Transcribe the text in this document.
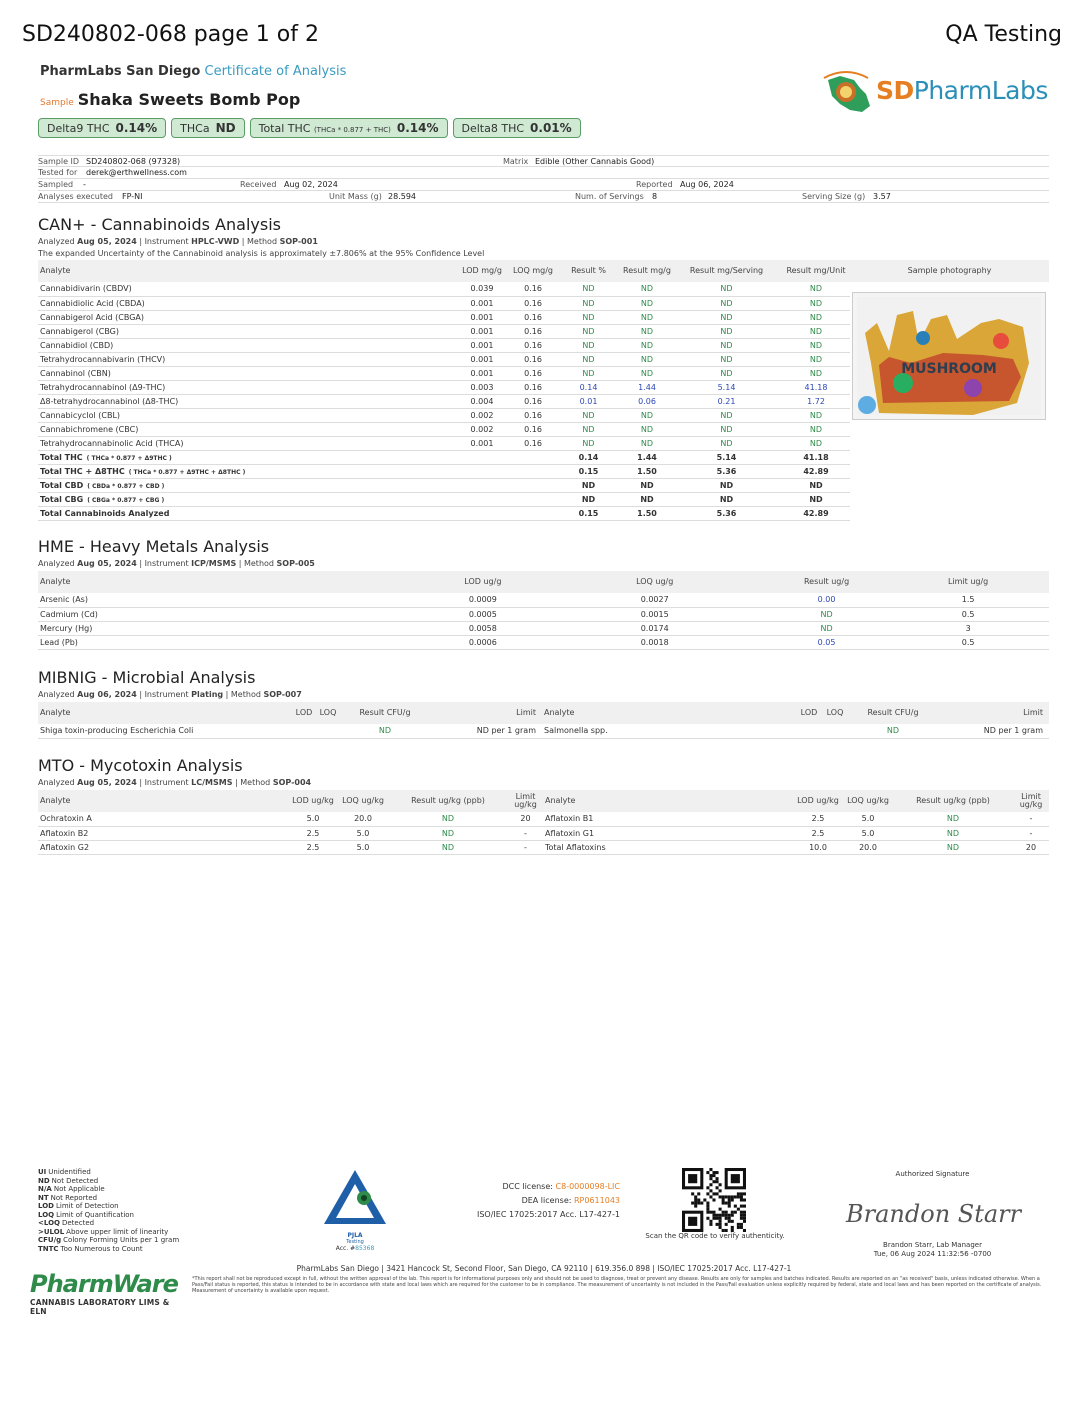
SD240802-068 page 1 of 2	QA Testing
PharmLabs San Diego Certificate of Analysis
Sample Shaka Sweets Bomb Pop
Delta9 THC 0.14%	THCa ND	Total THC (THCa * 0.877 + THC) 0.14%	Delta8 THC 0.01%
SDPharmLabs
Sample ID SD240802-068 (97328)	Matrix Edible (Other Cannabis Good)
Tested for derek@erthwellness.com
Sampled -	Received Aug 02, 2024	Reported Aug 06, 2024
Analyses executed FP-NI	Unit Mass (g) 28.594	Num. of Servings 8	Serving Size (g) 3.57
CAN+ - Cannabinoids Analysis
Analyzed Aug 05, 2024 | Instrument HPLC-VWD | Method SOP-001
The expanded Uncertainty of the Cannabinoid analysis is approximately ±7.806% at the 95% Confidence Level
Analyte	LOD mg/g	LOQ mg/g	Result %	Result mg/g	Result mg/Serving	Result mg/Unit	Sample photography
Cannabidivarin (CBDV)	0.039	0.16	ND	ND	ND	ND	
Cannabidiolic Acid (CBDA)	0.001	0.16	ND	ND	ND	ND	
Cannabigerol Acid (CBGA)	0.001	0.16	ND	ND	ND	ND	
Cannabigerol (CBG)	0.001	0.16	ND	ND	ND	ND	
Cannabidiol (CBD)	0.001	0.16	ND	ND	ND	ND	
Tetrahydrocannabivarin (THCV)	0.001	0.16	ND	ND	ND	ND	
Cannabinol (CBN)	0.001	0.16	ND	ND	ND	ND	
Tetrahydrocannabinol (Δ9-THC)	0.003	0.16	0.14	1.44	5.14	41.18	
Δ8-tetrahydrocannabinol (Δ8-THC)	0.004	0.16	0.01	0.06	0.21	1.72	
Cannabicyclol (CBL)	0.002	0.16	ND	ND	ND	ND	
Cannabichromene (CBC)	0.002	0.16	ND	ND	ND	ND	
Tetrahydrocannabinolic Acid (THCA)	0.001	0.16	ND	ND	ND	ND	
Total THC ( THCa * 0.877 + Δ9THC )			0.14	1.44	5.14	41.18	
Total THC + Δ8THC ( THCa * 0.877 + Δ9THC + Δ8THC )			0.15	1.50	5.36	42.89	
Total CBD ( CBDa * 0.877 + CBD )			ND	ND	ND	ND	
Total CBG ( CBGa * 0.877 + CBG )			ND	ND	ND	ND	
Total Cannabinoids Analyzed			0.15	1.50	5.36	42.89	
MUSHROOM
HME - Heavy Metals Analysis
Analyzed Aug 05, 2024 | Instrument ICP/MSMS | Method SOP-005
Analyte	LOD ug/g	LOQ ug/g	Result ug/g	Limit ug/g
Arsenic (As)	0.0009	0.0027	0.00	1.5
Cadmium (Cd)	0.0005	0.0015	ND	0.5
Mercury (Hg)	0.0058	0.0174	ND	3
Lead (Pb)	0.0006	0.0018	0.05	0.5
MIBNIG - Microbial Analysis
Analyzed Aug 06, 2024 | Instrument Plating | Method SOP-007
Analyte	LOD	LOQ	Result CFU/g	Limit	Analyte	LOD	LOQ	Result CFU/g	Limit
Shiga toxin-producing Escherichia Coli			ND	ND per 1 gram	Salmonella spp.			ND	ND per 1 gram
MTO - Mycotoxin Analysis
Analyzed Aug 05, 2024 | Instrument LC/MSMS | Method SOP-004
Analyte	LOD ug/kg	LOQ ug/kg	Result ug/kg (ppb)	Limit ug/kg	Analyte	LOD ug/kg	LOQ ug/kg	Result ug/kg (ppb)	Limit ug/kg
Ochratoxin A	5.0	20.0	ND	20	Aflatoxin B1	2.5	5.0	ND	-
Aflatoxin B2	2.5	5.0	ND	-	Aflatoxin G1	2.5	5.0	ND	-
Aflatoxin G2	2.5	5.0	ND	-	Total Aflatoxins	10.0	20.0	ND	20
UI Unidentified
ND Not Detected
N/A Not Applicable
NT Not Reported
LOD Limit of Detection
LOQ Limit of Quantification
<LOQ Detected
>ULOL Above upper limit of linearity
CFU/g Colony Forming Units per 1 gram
TNTC Too Numerous to Count
PJLA
Testing
Acc. #85368
DCC license: C8-0000098-LIC
DEA license: RP0611043
ISO/IEC 17025:2017 Acc. L17-427-1
Scan the QR code to verify authenticity.
Authorized Signature
Brandon Starr
Brandon Starr, Lab Manager
Tue, 06 Aug 2024 11:32:56 -0700
PharmLabs San Diego | 3421 Hancock St, Second Floor, San Diego, CA 92110 | 619.356.0 898 | ISO/IEC 17025:2017 Acc. L17-427-1
*This report shall not be reproduced except in full, without the written approval of the lab. This report is for informational purposes only and should not be used to diagnose, treat or prevent any disease. Results are only for samples and batches indicated. Results are reported on an "as received" basis, unless indicated otherwise. When a Pass/Fail status is reported, this status is intended to be in accordance with state and local laws which are required for the customer to be in compliance. The measurement of uncertainty is not included in the Pass/Fail evaluation unless explicitly required by federal, state and local laws and has been reported on the certificate of analysis. Measurement of uncertainty is available upon request.
PharmWare
CANNABIS LABORATORY LIMS & ELN
